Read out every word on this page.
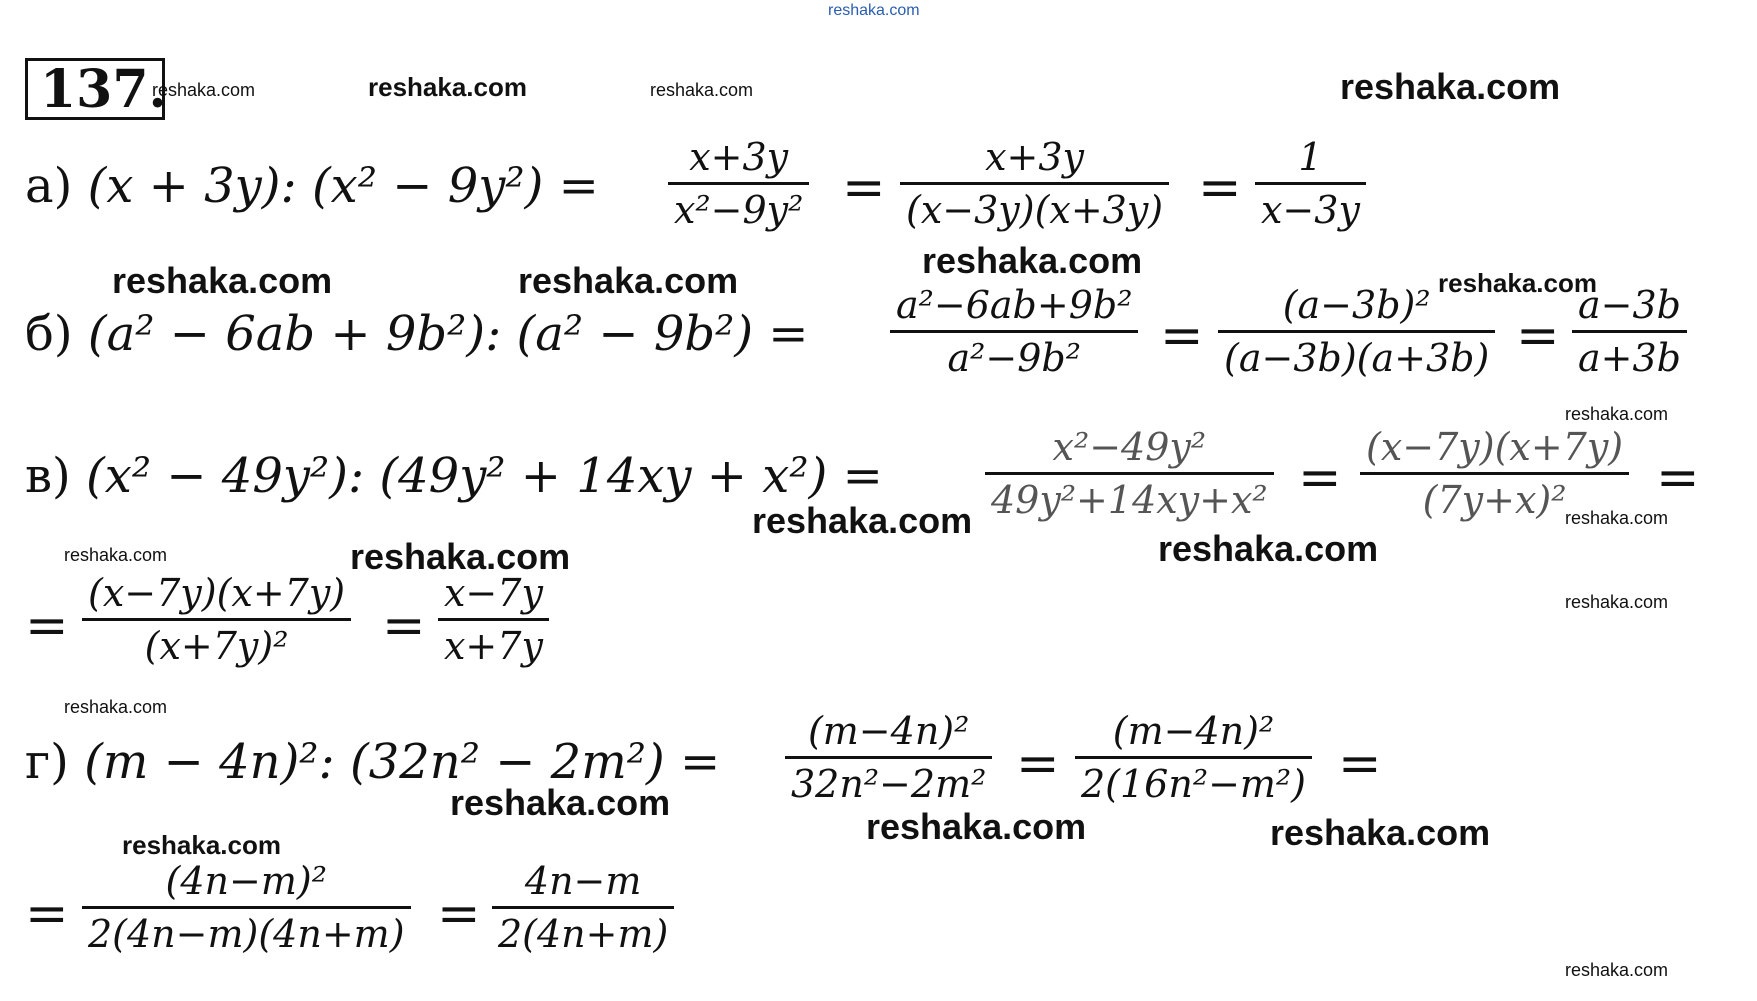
reshaka.com
137.
reshaka.com	reshaka.com	reshaka.com	reshaka.com
а) (x + 3y): (x² − 9y²) =
x+3y
x²−9y² =
x+3y
(x−3y)(x+3y) =
1
x−3y
reshaka.com	reshaka.com	reshaka.com
reshaka.com
б) (a² − 6ab + 9b²): (a² − 9b²) =
a²−6ab+9b²
a²−9b² =
(a−3b)²
(a−3b)(a+3b) =
a−3b
a+3b
reshaka.com
в) (x² − 49y²): (49y² + 14xy + x²) =
x²−49y²
49y²+14xy+x² =
(x−7y)(x+7y)
(7y+x)² =
reshaka.com	reshaka.com
reshaka.com
reshaka.com	reshaka.com
reshaka.com
=
(x−7y)(x+7y)
(x+7y)² =
x−7y
x+7y
reshaka.com
г) (m − 4n)²: (32n² − 2m²) =
(m−4n)²
32n²−2m² =
(m−4n)²
2(16n²−m²) =
reshaka.com
reshaka.com	reshaka.com
reshaka.com
=
(4n−m)²
2(4n−m)(4n+m) =
4n−m
2(4n+m)
reshaka.com
